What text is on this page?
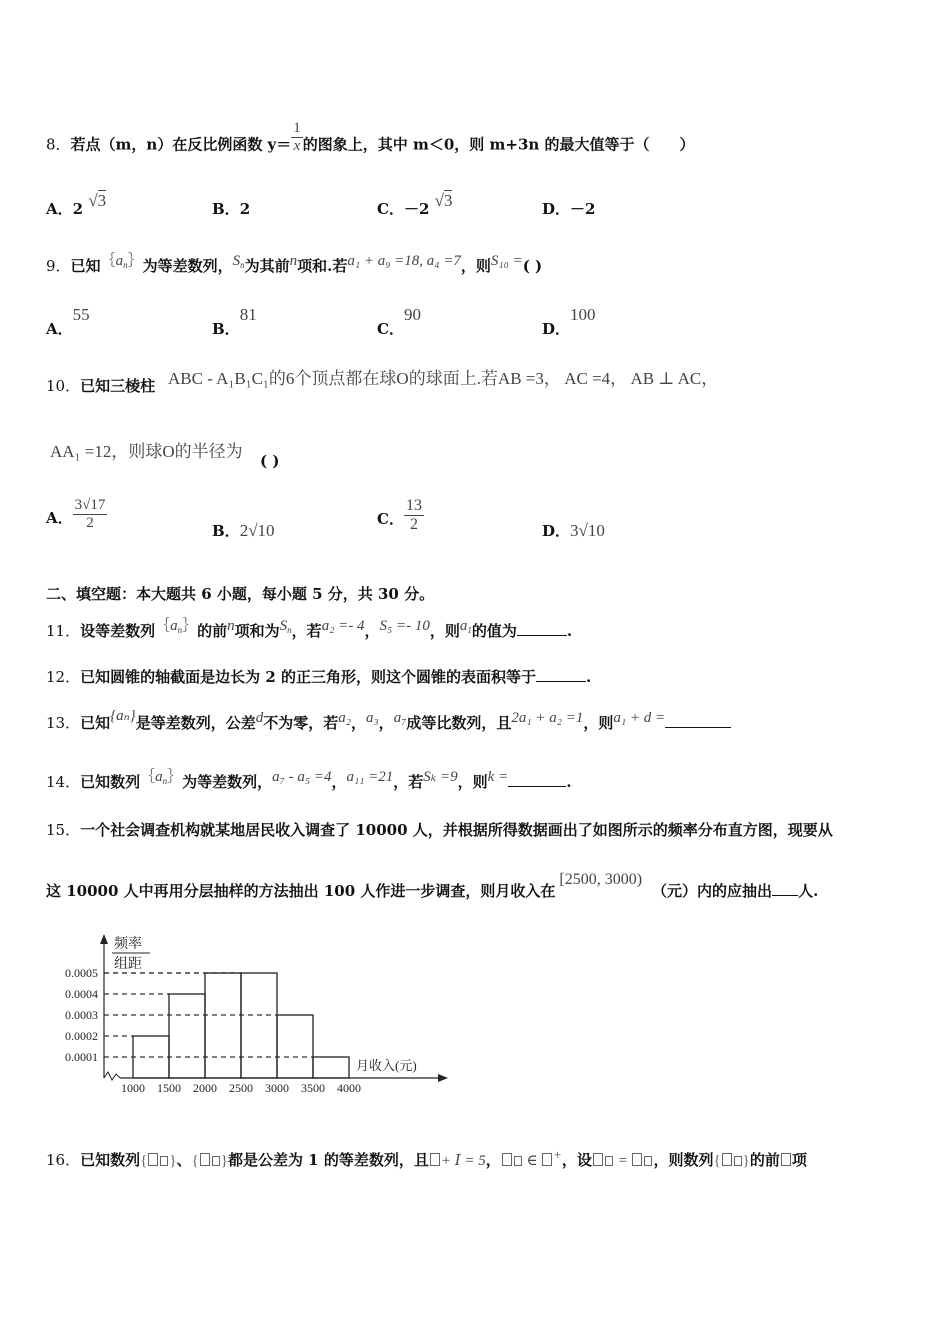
8．若点（m，n）在反比例函数 $y= \frac{1}{x}$ 的图象上，其中 m＜0，则 m+3n 的最大值等于（　　）
A．2 √3	B．2	C．－2 √3	D．－2
9．已知$\{a_n\}$为等差数列，$S_n$为其前n项和.若a₁ + a₉ =18, a₄ =7，则S₁₀ =( )
A．55
B．81
C．90
D．100
10．已知三棱柱 ABC - A₁B₁C₁的6个顶点都在球O的球面上.若AB =3， AC =4， AB ⊥ AC，
AA₁ =12，则球O的半径为 ( )
A． $\frac{3√17}{2}$	B．2√10
C． $\frac{13}{2}$	D．3√10
二、填空题：本大题共 6 小题，每小题 5 分，共 30 分。
11．设等差数列$\{a_n\}$的前n项和为$S_n$，若a₂ =- 4，S₅ =- 10，则$a_1$的值为	.
12．已知圆锥的轴截面是边长为 2 的正三角形，则这个圆锥的表面积等于	.
13．已知{aₙ}是等差数列，公差d不为零，若a₂，a₃，a₇成等比数列，且2a₁ + a₂ =1，则a₁ + d =
14．已知数列$\{a_n\}$为等差数列，a₇ - a₅ =4，a₁₁ =21，若Sₖ =9，则k =	.
15．一个社会调查机构就某地居民收入调查了 10000 人，并根据所得数据画出了如图所示的频率分布直方图，现要从
这 10000 人中再用分层抽样的方法抽出 100 人作进一步调查，则月收入在[2500, 3000)（元）内的应抽出 人.
频率
组距
月收入(元)
0.0001
0.0002
0.0003
0.0004
0.0005
1000 1500 2000 2500 3000 3500 4000
16．已知数列{ }、{ }都是公差为 1 的等差数列，且 + 𝐼 = 5， ∈ +，设 = ，则数列{ }的前 项
